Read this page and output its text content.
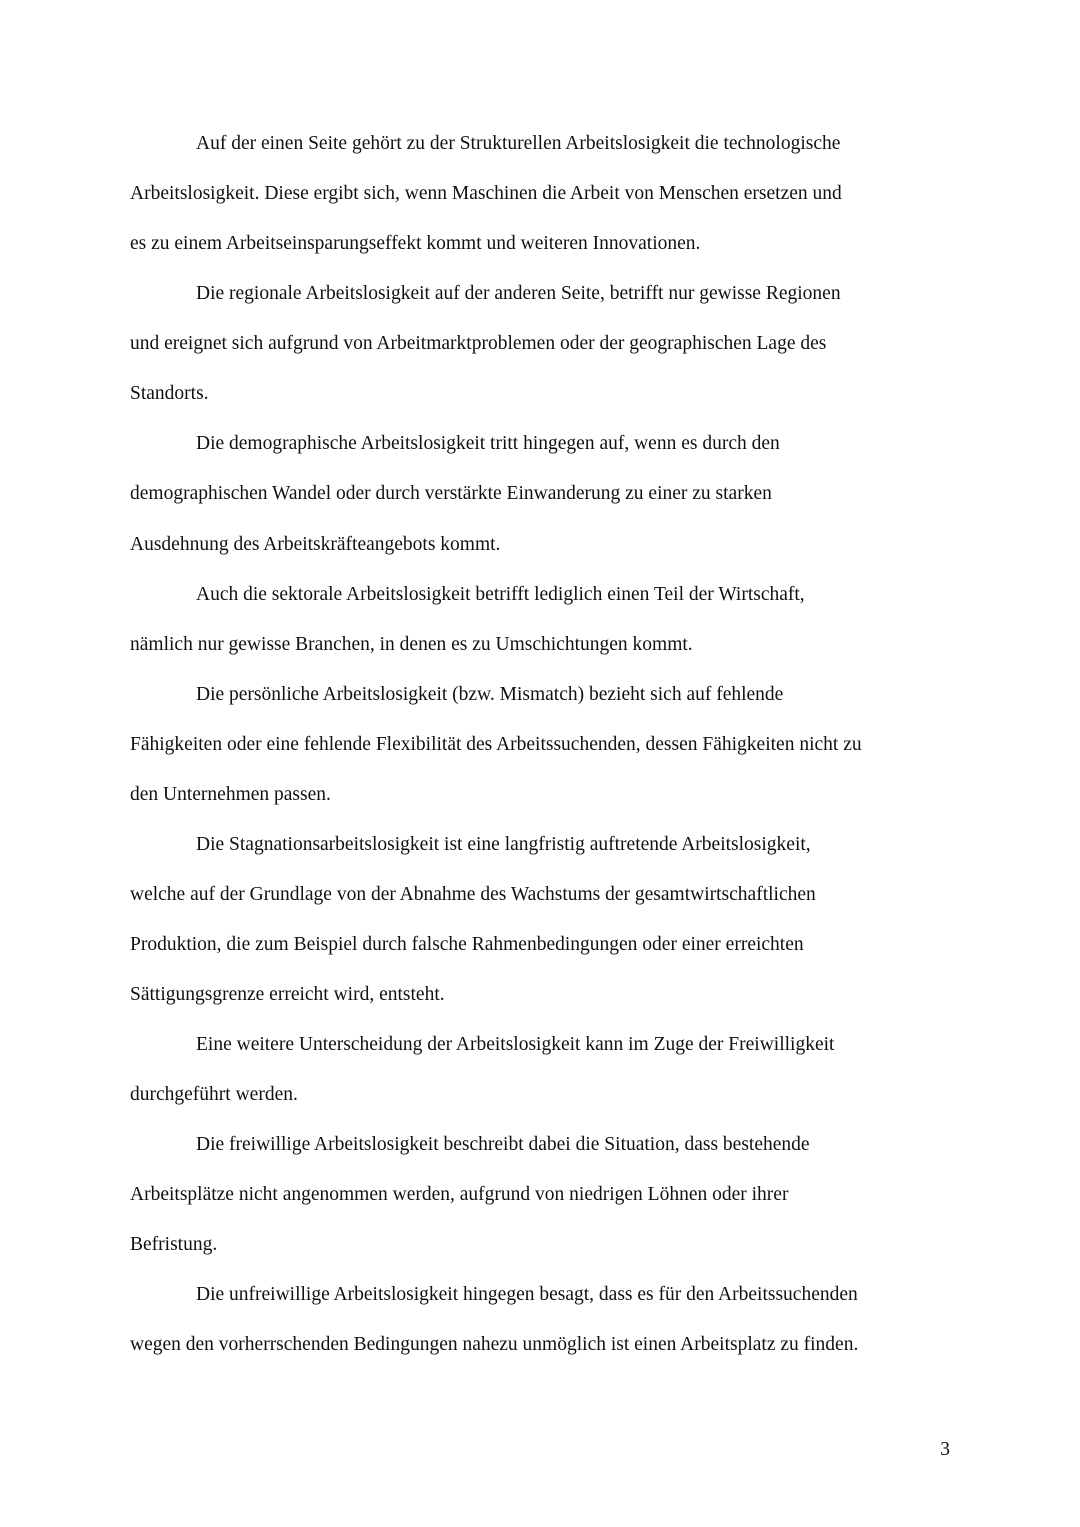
Auf der einen Seite gehört zu der Strukturellen Arbeitslosigkeit die technologische

Arbeitslosigkeit. Diese ergibt sich, wenn Maschinen die Arbeit von Menschen ersetzen und

es zu einem Arbeitseinsparungseffekt kommt und weiteren Innovationen.

Die regionale Arbeitslosigkeit auf der anderen Seite, betrifft nur gewisse Regionen

und ereignet sich aufgrund von Arbeitmarktproblemen oder der geographischen Lage des

Standorts.

Die demographische Arbeitslosigkeit tritt hingegen auf, wenn es durch den

demographischen Wandel oder durch verstärkte Einwanderung zu einer zu starken

Ausdehnung des Arbeitskräfteangebots kommt.

Auch die sektorale Arbeitslosigkeit betrifft lediglich einen Teil der Wirtschaft,

nämlich nur gewisse Branchen, in denen es zu Umschichtungen kommt.

Die persönliche Arbeitslosigkeit (bzw. Mismatch) bezieht sich auf fehlende

Fähigkeiten oder eine fehlende Flexibilität des Arbeitssuchenden, dessen Fähigkeiten nicht zu

den Unternehmen passen.

Die Stagnationsarbeitslosigkeit ist eine langfristig auftretende Arbeitslosigkeit,

welche auf der Grundlage von der Abnahme des Wachstums der gesamtwirtschaftlichen

Produktion, die zum Beispiel durch falsche Rahmenbedingungen oder einer erreichten

Sättigungsgrenze erreicht wird, entsteht.

Eine weitere Unterscheidung der Arbeitslosigkeit kann im Zuge der Freiwilligkeit

durchgeführt werden.

Die freiwillige Arbeitslosigkeit beschreibt dabei die Situation, dass bestehende

Arbeitsplätze nicht angenommen werden, aufgrund von niedrigen Löhnen oder ihrer

Befristung.

Die unfreiwillige Arbeitslosigkeit hingegen besagt, dass es für den Arbeitssuchenden

wegen den vorherrschenden Bedingungen nahezu unmöglich ist einen Arbeitsplatz zu finden.

3
